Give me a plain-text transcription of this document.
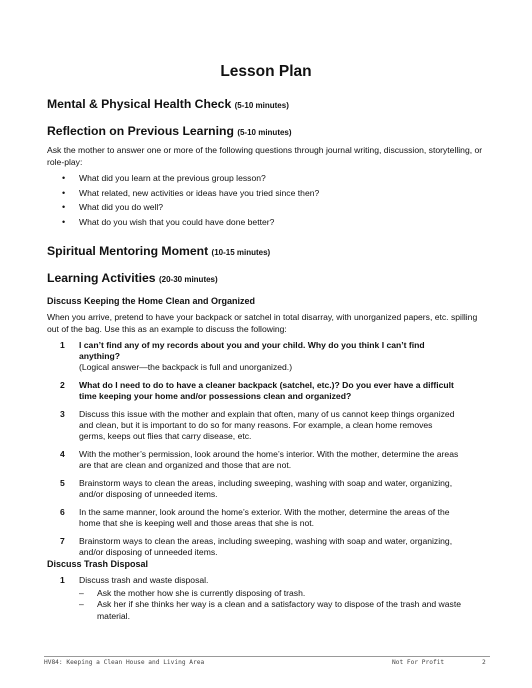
Lesson Plan
Mental & Physical Health Check (5-10 minutes)
Reflection on Previous Learning (5-10 minutes)
Ask the mother to answer one or more of the following questions through journal writing, discussion, storytelling, or role-play:
• What did you learn at the previous group lesson?
• What related, new activities or ideas have you tried since then?
• What did you do well?
• What do you wish that you could have done better?
Spiritual Mentoring Moment (10-15 minutes)
Learning Activities (20-30 minutes)
Discuss Keeping the Home Clean and Organized
When you arrive, pretend to have your backpack or satchel in total disarray, with unorganized papers, etc. spilling out of the bag. Use this as an example to discuss the following:
1 I can’t find any of my records about you and your child. Why do you think I can’t find anything?
(Logical answer—the backpack is full and unorganized.)
2 What do I need to do to have a cleaner backpack (satchel, etc.)? Do you ever have a difficult time keeping your home and/or possessions clean and organized?
3 Discuss this issue with the mother and explain that often, many of us cannot keep things organized and clean, but it is important to do so for many reasons. For example, a clean home removes germs, keeps out flies that carry disease, etc.
4 With the mother’s permission, look around the home’s interior. With the mother, determine the areas are that are clean and organized and those that are not.
5 Brainstorm ways to clean the areas, including sweeping, washing with soap and water, organizing, and/or disposing of unneeded items.
6 In the same manner, look around the home’s exterior. With the mother, determine the areas of the home that she is keeping well and those areas that she is not.
7 Brainstorm ways to clean the areas, including sweeping, washing with soap and water, organizing, and/or disposing of unneeded items.
Discuss Trash Disposal
1 Discuss trash and waste disposal.
– Ask the mother how she is currently disposing of trash.
– Ask her if she thinks her way is a clean and a satisfactory way to dispose of the trash and waste material.
HV84: Keeping a Clean House and Living Area	Not For Profit	2
